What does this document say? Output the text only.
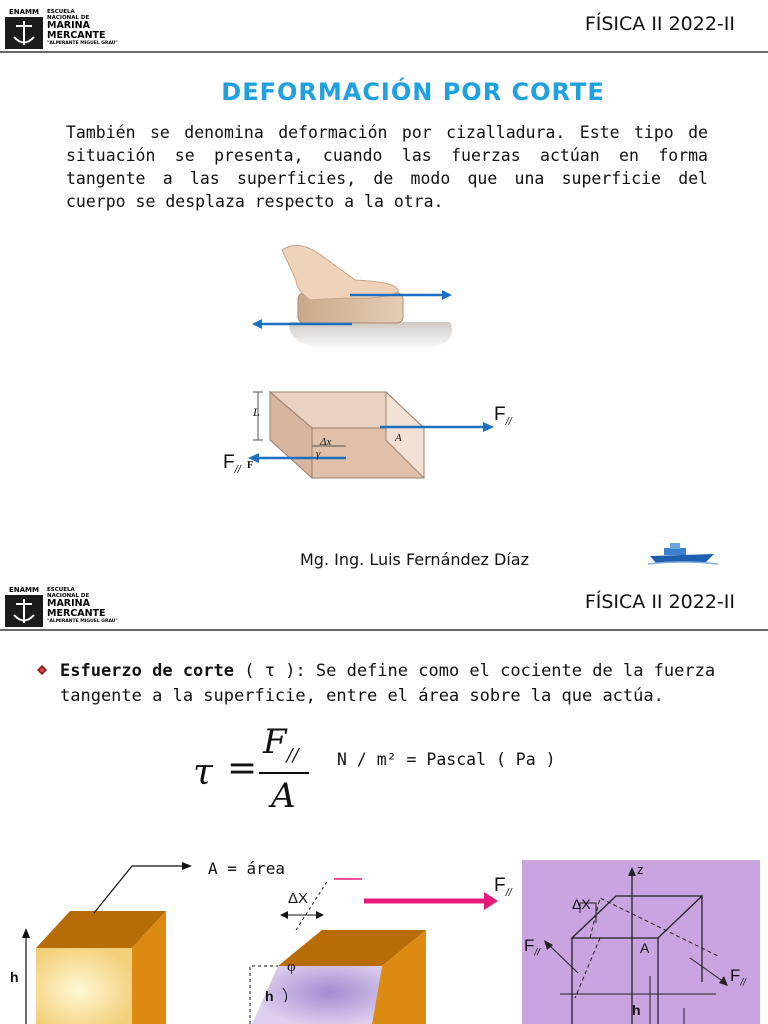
ENAMM	ESCUELA
NACIONAL DE
MARINA
MERCANTE
"ALMIRANTE MIGUEL GRAU"
FÍSICA II 2022-II
DEFORMACIÓN POR CORTE
También se denomina deformación por cizalladura. Este tipo de situación se presenta, cuando las fuerzas actúan en forma tangente a las superficies, de modo que una superficie del cuerpo se desplaza respecto a la otra.
L
Δx
γ
A
$F_{//}$
$F_{//}$ F
Mg. Ing. Luis Fernández Díaz
ENAMM	ESCUELA
NACIONAL DE
MARINA
MERCANTE
"ALMIRANTE MIGUEL GRAU"
FÍSICA II 2022-II
Esfuerzo de corte ( τ ): Se define como el cociente de la fuerza tangente a la superficie, entre el área sobre la que actúa.
τ =
$F_{//}$
A
N / m² = Pascal ( Pa )
A = área
h
ΔX
φ
h
$F_{//}$
z
ΔX
$F_{//}$	A
$F_{//}$
h
